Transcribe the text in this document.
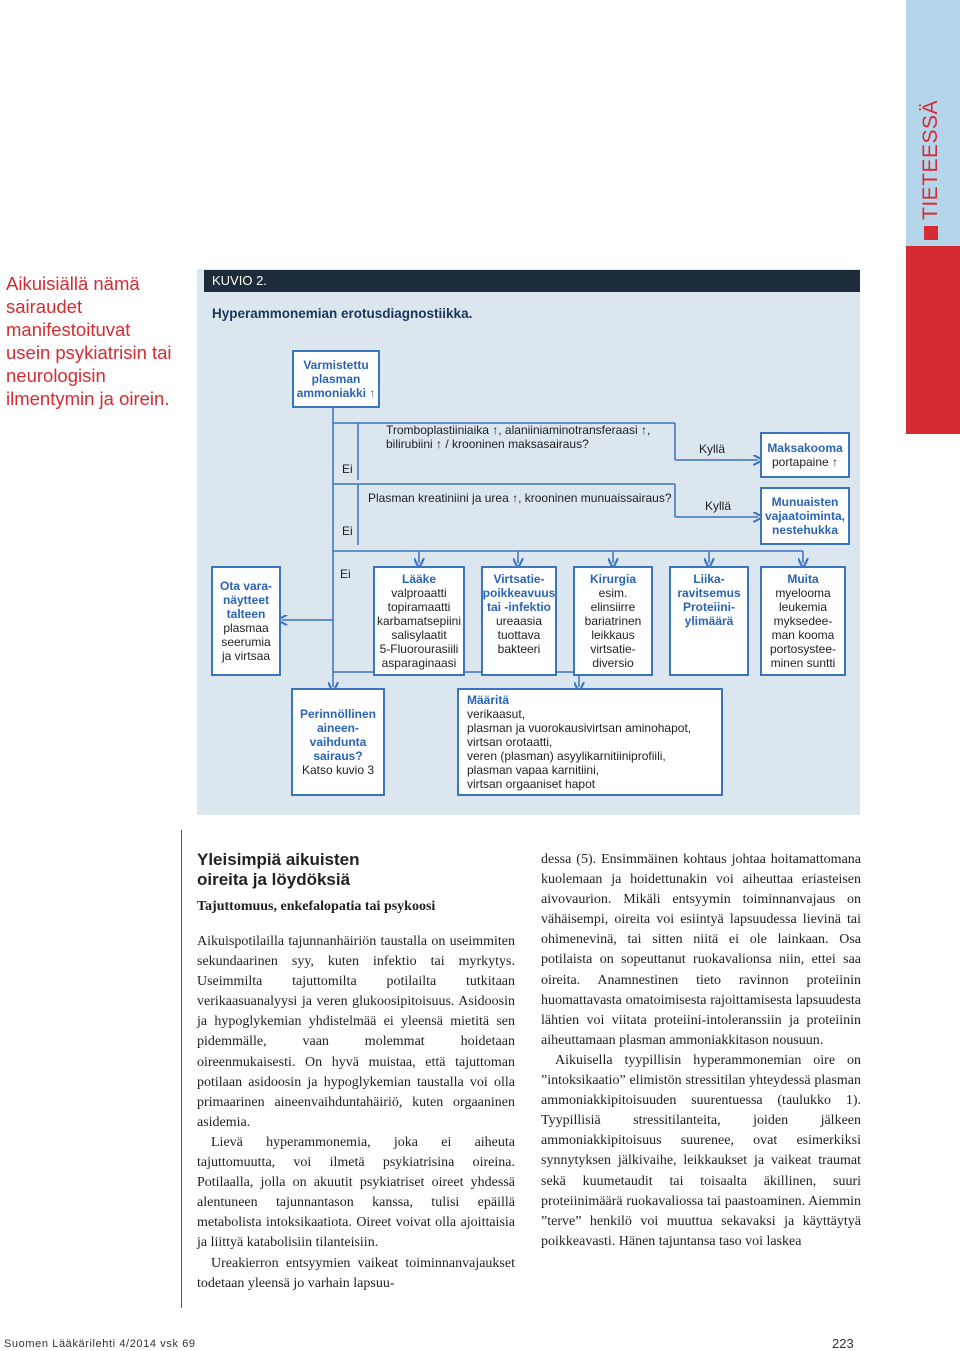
TIETEESSÄ
Aikuisiällä nämä sairaudet manifestoituvat usein psykiatrisin tai neurologisin ilmentymin ja oirein.
KUVIO 2.
Hyperammonemian erotusdiagnostiikka.
Varmistettu
plasman
ammoniakki ↑
Tromboplastiiniaika ↑, alaniiniaminotransferaasi ↑,
bilirubiini ↑ / krooninen maksasairaus?
Ei
Kyllä	Maksakooma
portapaine ↑
Plasman kreatiniini ja urea ↑, krooninen munuaissairaus?
Ei
Kyllä	Munuaisten
vajaatoiminta,
nestehukka
Ei
Ota vara-
näytteet
talteen
plasmaa
seerumia
ja virtsaa
Lääke
valproaatti
topiramaatti
karbamatsepiini
salisylaatit
5-Fluorourasiili
asparaginaasi
Virtsatie-
poikkeavuus
tai -infektio
ureaasia
tuottava
bakteeri
Kirurgia
esim.
elinsiirre
bariatrinen
leikkaus
virtsatie-
diversio
Liika-
ravitsemus
Proteiini-
ylimäärä
Muita
myelooma
leukemia
myksedee-
man kooma
portosystee-
minen suntti
Perinnöllinen
aineen-
vaihdunta
sairaus?
Katso kuvio 3
Määritä
verikaasut,
plasman ja vuorokausivirtsan aminohapot,
virtsan orotaatti,
veren (plasman) asyylikarnitiiniprofiili,
plasman vapaa karnitiini,
virtsan orgaaniset hapot
Yleisimpiä aikuisten
oireita ja löydöksiä
Tajuttomuus, enkefalopatia tai psykoosi

Aikuispotilailla tajunnanhäiriön taustalla on useimmiten sekundaarinen syy, kuten infektio tai myrkytys. Useimmilta tajuttomilta potilailta tutkitaan verikaasuanalyysi ja veren glukoosipitoisuus. Asidoosin ja hypoglykemian yhdistelmää ei yleensä mietitä sen pidemmälle, vaan molemmat hoidetaan oireenmukaisesti. On hyvä muistaa, että tajuttoman potilaan asidoosin ja hypoglykemian taustalla voi olla primaarinen aineenvaihduntahäiriö, kuten orgaaninen asidemia.

Lievä hyperammonemia, joka ei aiheuta tajuttomuutta, voi ilmetä psykiatrisina oireina. Potilaalla, jolla on akuutit psykiatriset oireet yhdessä alentuneen tajunnantason kanssa, tulisi epäillä metabolista intoksikaatiota. Oireet voivat olla ajoittaisia ja liittyä katabolisiin tilanteisiin.

Ureakierron entsyymien vaikeat toiminnanvajaukset todetaan yleensä jo varhain lapsuu-

dessa (5). Ensimmäinen kohtaus johtaa hoitamattomana kuolemaan ja hoidettunakin voi aiheuttaa eriasteisen aivovaurion. Mikäli entsyymin toiminnanvajaus on vähäisempi, oireita voi esiintyä lapsuudessa lievinä tai ohimenevinä, tai sitten niitä ei ole lainkaan. Osa potilaista on sopeuttanut ruokavalionsa niin, ettei saa oireita. Anamnestinen tieto ravinnon proteiinin huomattavasta omatoimisesta rajoittamisesta lapsuudesta lähtien voi viitata proteiini-intoleranssiin ja proteiinin aiheuttamaan plasman ammoniakkitason nousuun.

Aikuisella tyypillisin hyperammonemian oire on ”intoksikaatio” elimistön stressitilan yhteydessä plasman ammoniakkipitoisuuden suurentuessa (taulukko 1). Tyypillisiä stressitilanteita, joiden jälkeen ammoniakkipitoisuus suurenee, ovat esimerkiksi synnytyksen jälkivaihe, leikkaukset ja vaikeat traumat sekä kuumetaudit tai toisaalta äkillinen, suuri proteiinimäärä ruokavaliossa tai paastoaminen. Aiemmin ”terve” henkilö voi muuttua sekavaksi ja käyttäytyä poikkeavasti. Hänen tajuntansa taso voi laskea

Suomen Lääkärilehti 4/2014 vsk 69	223
